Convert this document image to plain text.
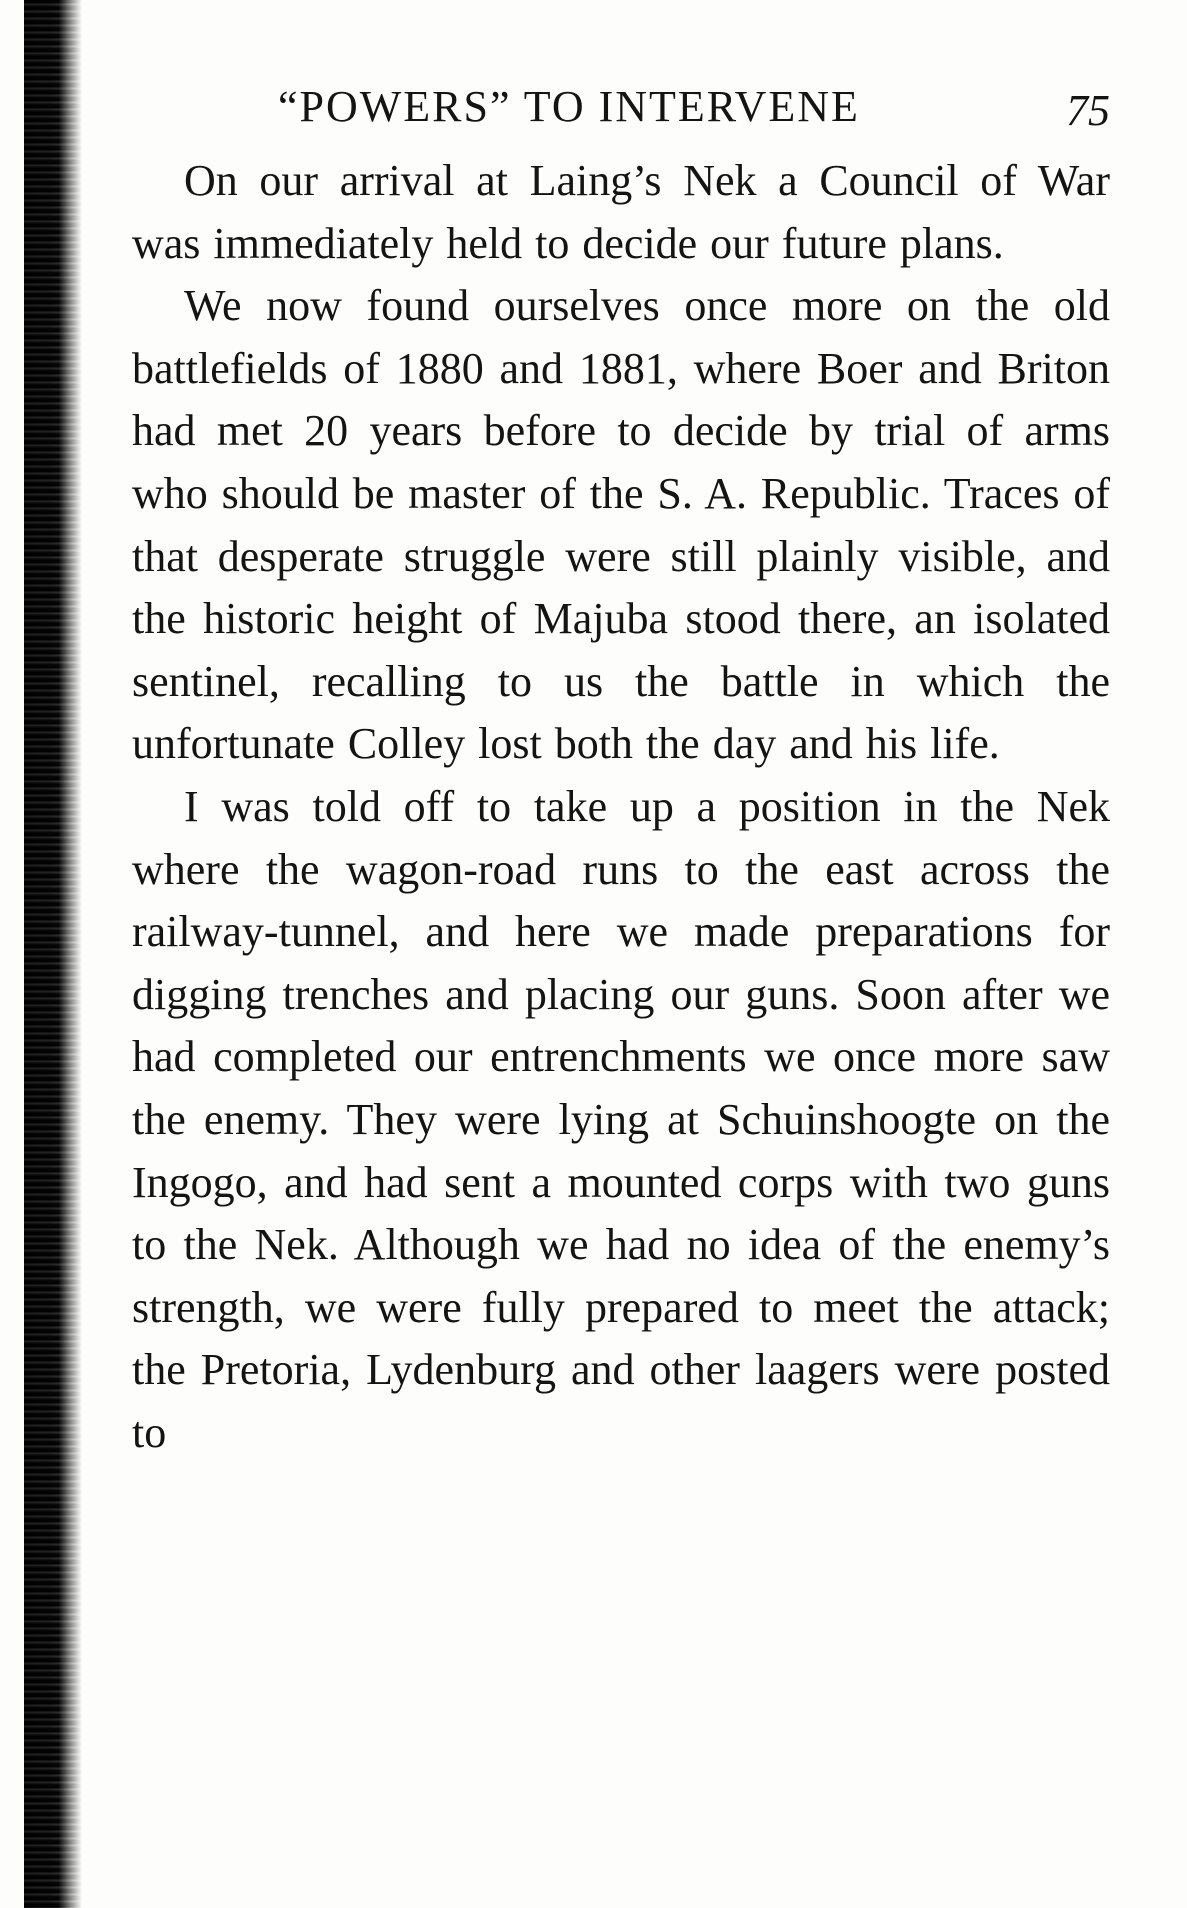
“POWERS” TO INTERVENE	75

On our arrival at Laing’s Nek a Council of War was immediately held to decide our future plans.

We now found ourselves once more on the old battlefields of 1880 and 1881, where Boer and Briton had met 20 years before to decide by trial of arms who should be master of the S. A. Republic. Traces of that desperate struggle were still plainly visible, and the historic height of Majuba stood there, an isolated sentinel, recalling to us the battle in which the unfortunate Colley lost both the day and his life.

I was told off to take up a position in the Nek where the wagon-road runs to the east across the railway-tunnel, and here we made preparations for digging trenches and placing our guns. Soon after we had completed our entrenchments we once more saw the enemy. They were lying at Schuinshoogte on the Ingogo, and had sent a mounted corps with two guns to the Nek. Although we had no idea of the enemy’s strength, we were fully prepared to meet the attack; the Pretoria, Lydenburg and other laagers were posted to
